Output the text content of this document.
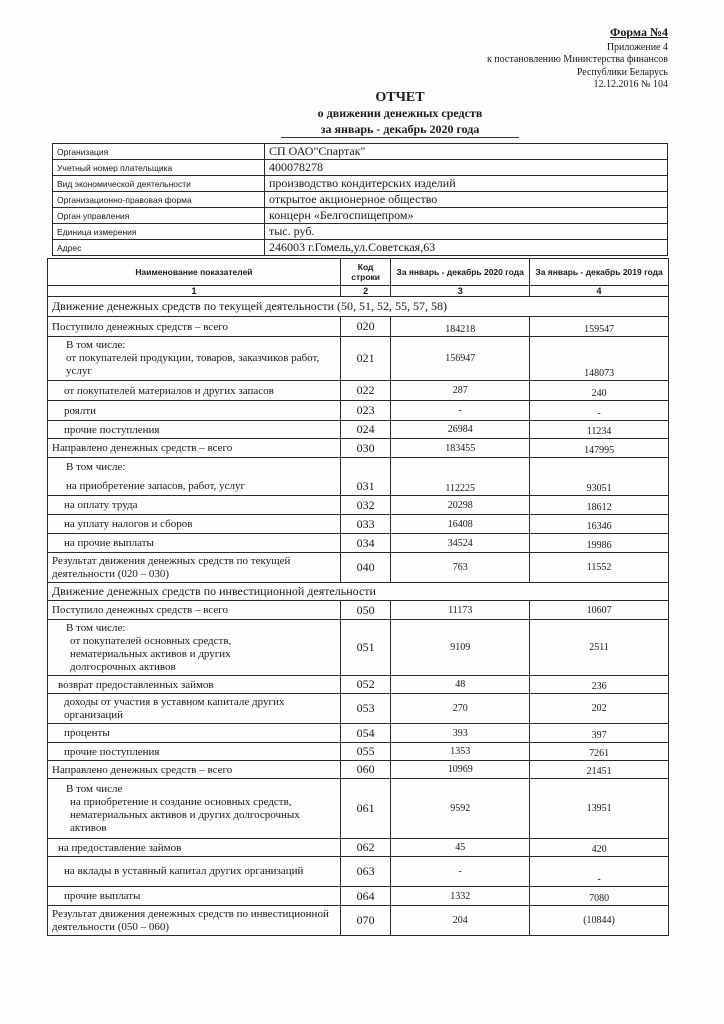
Форма №4
Приложение 4
к постановлению Министерства финансов
Республики Беларусь
12.12.2016 № 104
ОТЧЕТ
о движении денежных средств
за январь - декабрь 2020 года
Организация	СП ОАО"Спартак"
Учетный номер плательщика	400078278
Вид экономической деятельности	производство кондитерских изделий
Организационно-правовая форма	открытое акционерное общество
Орган управления	концерн «Белгоспищепром»
Единица измерения	тыс. руб.
Адрес	246003 г.Гомель,ул.Советская,63
Наименование показателей	Код строки	За январь - декабрь 2020 года	За январь - декабрь 2019 года
1	2	3	4
Движение денежных средств по текущей деятельности (50, 51, 52, 55, 57, 58)			
Поступило денежных средств – всего	020	184218	159547

В том числе:
от покупателей продукции, товаров, заказчиков работ, услуг	021	156947	148073
от покупателей материалов и других запасов	022	287	240
роялти	023	-	-
прочие поступления	024	26984	11234
Направлено денежных средств – всего	030	183455	147995

В том числе:
на приобретение запасов, работ, услуг	031	112225	93051
на оплату труда	032	20298	18612
на уплату налогов и сборов	033	16408	16346
на прочие выплаты	034	34524	19986
Результат движения денежных средств по текущей деятельности (020 – 030)	040	763	11552
Движение денежных средств по инвестиционной деятельности			
Поступило денежных средств – всего	050	11173	10607

В том числе:
от покупателей основных средств, нематериальных активов и других долгосрочных активов	051	9109	2511
возврат предоставленных займов	052	48	236
доходы от участия в уставном капитале других организаций	053	270	202
проценты	054	393	397
прочие поступления	055	1353	7261
Направлено денежных средств – всего	060	10969	21451

В том числе
на приобретение и создание основных средств, нематериальных активов и других долгосрочных активов	061	9592	13951
на предоставление займов	062	45	420
на вклады в уставный капитал других организаций	063	-	-
прочие выплаты	064	1332	7080
Результат движения денежных средств по инвестиционной деятельности (050 – 060)	070	204	(10844)
